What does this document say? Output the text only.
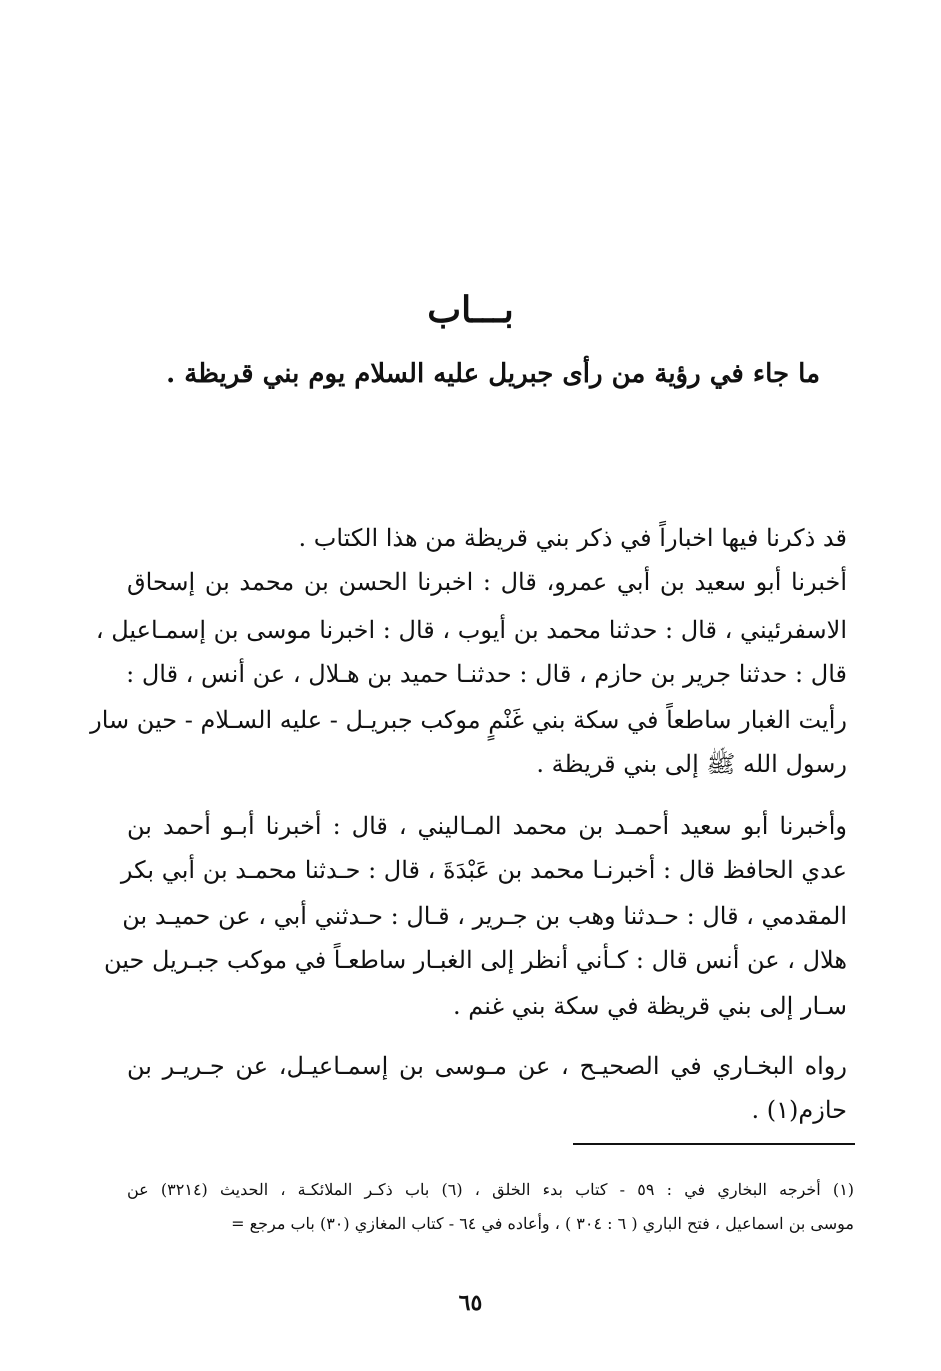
بـــاب
ما جاء في رؤية من رأى جبريل عليه السلام يوم بني قريظة .
قد ذكرنا فيها اخباراً في ذكر بني قريظة من هذا الكتاب .
أخبرنا أبو سعيد بن أبي عمرو، قال : اخبرنا الحسن بن محمد بن إسحاق
الاسفرئيني ، قال : حدثنا محمد بن أيوب ، قال : اخبرنا موسى بن إسمـاعيل ،
قال : حدثنا جرير بن حازم ، قال : حدثنـا حميد بن هـلال ، عن أنس ، قال :
رأيت الغبار ساطعاً في سكة بني غَنْمٍ موكب جبريـل - عليه السـلام - حين سار
رسول الله ﷺ إلى بني قريظة .
وأخبرنا أبو سعيد أحمـد بن محمد المـاليني ، قال : أخبرنا أبـو أحمد بن
عدي الحافظ قال : أخبرنـا محمد بن عَبْدَةَ ، قال : حـدثنا محمـد بن أبي بكر
المقدمي ، قال : حـدثنا وهب بن جـرير ، قـال : حـدثني أبي ، عن حميـد بن
هلال ، عن أنس قال : كـأني أنظر إلى الغبـار ساطعـاً في موكب جبـريل حين
سـار إلى بني قريظة في سكة بني غنم .
رواه البخـاري في الصحيـح ، عن مـوسى بن إسمـاعيـل، عن جـريـر بن
حازم(١) .
(١) أخرجه البخاري في : ٥٩ - كتاب بدء الخلق ، (٦) باب ذكـر الملائكـة ، الحديث (٣٢١٤) عن
موسى بن اسماعيل ، فتح الباري ( ٦ : ٣٠٤ ) ، وأعاده في ٦٤ - كتاب المغازي (٣٠) باب مرجع =
٦٥
